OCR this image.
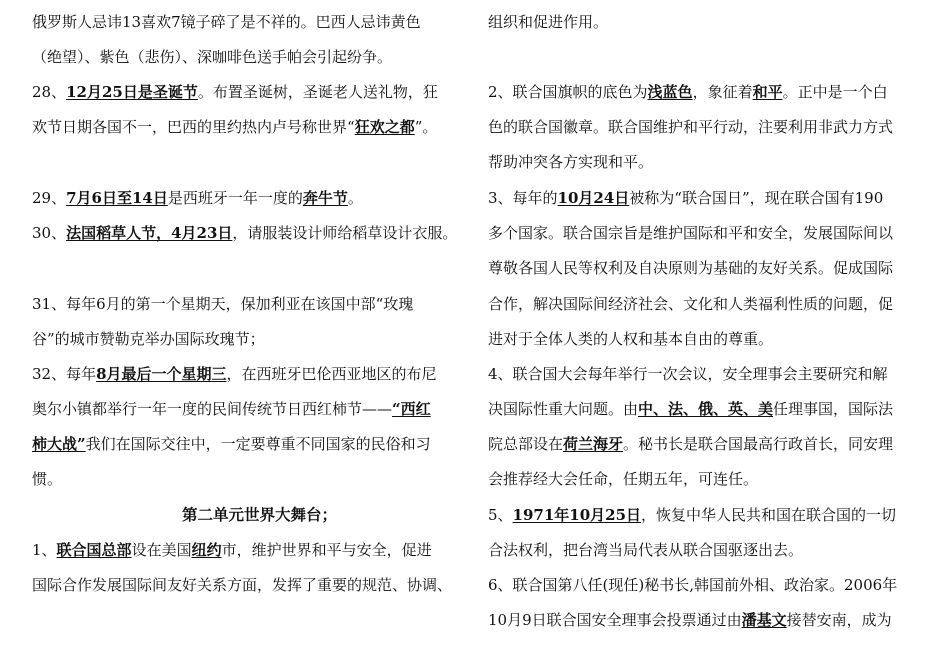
俄罗斯人忌讳13喜欢7镜子碎了是不祥的。巴西人忌讳黄色
（绝望）、紫色（悲伤）、深咖啡色送手帕会引起纷争。
28、12月25日是圣诞节。布置圣诞树，圣诞老人送礼物，狂
欢节日期各国不一，巴西的里约热内卢号称世界“狂欢之都”。
29、7月6日至14日是西班牙一年一度的奔牛节。
30、法国稻草人节，4月23日，请服装设计师给稻草设计衣服。
31、每年6月的第一个星期天，保加利亚在该国中部“玫瑰
谷”的城市赞勒克举办国际玫瑰节；
32、每年8月最后一个星期三，在西班牙巴伦西亚地区的布尼
奥尔小镇都举行一年一度的民间传统节日西红柿节——“西红
柿大战”我们在国际交往中，一定要尊重不同国家的民俗和习
惯。
第二单元世界大舞台；
1、联合国总部设在美国纽约市，维护世界和平与安全，促进
国际合作发展国际间友好关系方面，发挥了重要的规范、协调、
组织和促进作用。
2、联合国旗帜的底色为浅蓝色，象征着和平。正中是一个白
色的联合国徽章。联合国维护和平行动，注要利用非武力方式
帮助冲突各方实现和平。
3、每年的10月24日被称为“联合国日”，现在联合国有190
多个国家。联合国宗旨是维护国际和平和安全，发展国际间以
尊敬各国人民等权利及自决原则为基础的友好关系。促成国际
合作，解决国际间经济社会、文化和人类福利性质的问题，促
进对于全体人类的人权和基本自由的尊重。
4、联合国大会每年举行一次会议，安全理事会主要研究和解
决国际性重大问题。由中、法、俄、英、美任理事国，国际法
院总部设在荷兰海牙。秘书长是联合国最高行政首长，同安理
会推荐经大会任命，任期五年，可连任。
5、1971年10月25日，恢复中华人民共和国在联合国的一切
合法权利，把台湾当局代表从联合国驱逐出去。
6、联合国第八任(现任)秘书长,韩国前外相、政治家。2006年
10月9日联合国安全理事会投票通过由潘基文接替安南，成为
